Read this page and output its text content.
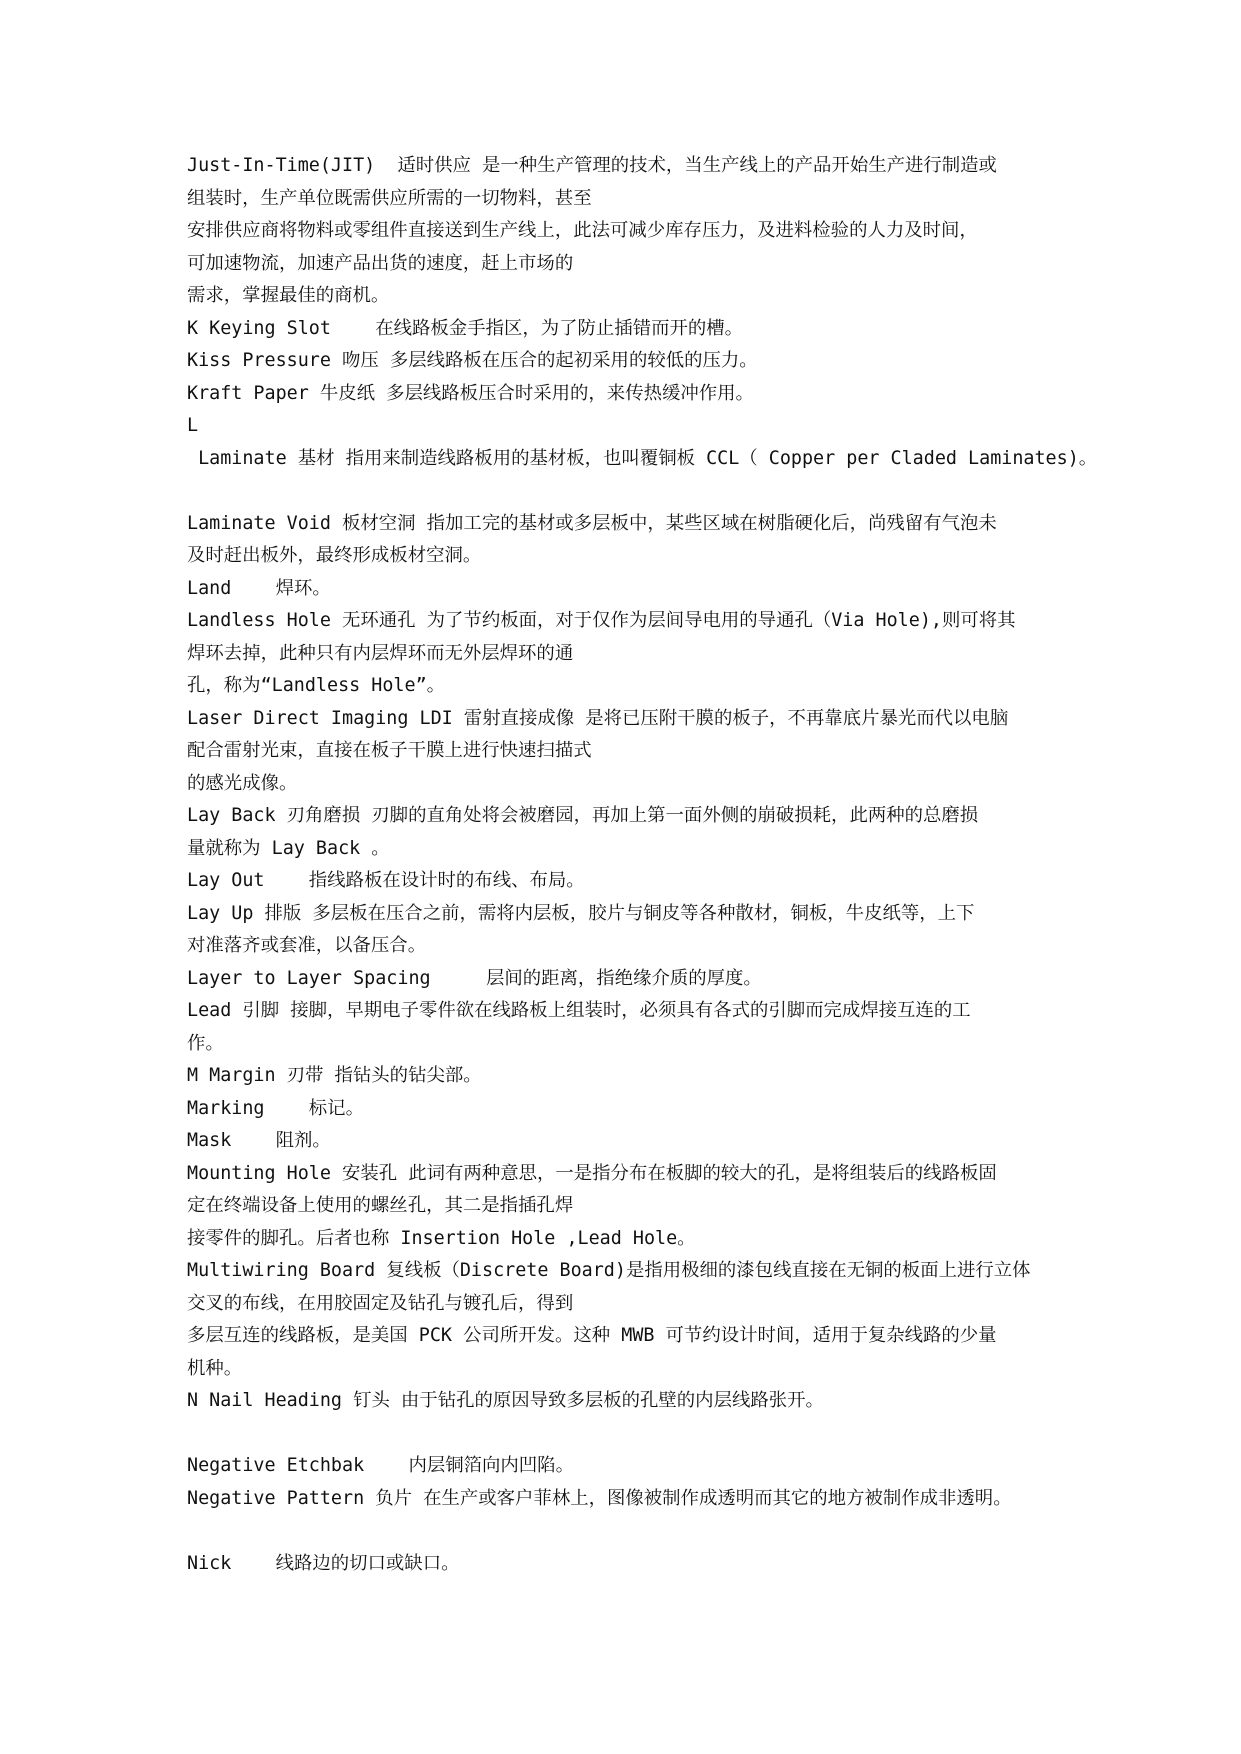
Just-In-Time(JIT)  适时供应 是一种生产管理的技术，当生产线上的产品开始生产进行制造或
组装时，生产单位既需供应所需的一切物料，甚至
安排供应商将物料或零组件直接送到生产线上，此法可减少库存压力，及进料检验的人力及时间，
可加速物流，加速产品出货的速度，赶上市场的
需求，掌握最佳的商机。
K Keying Slot    在线路板金手指区，为了防止插错而开的槽。
Kiss Pressure 吻压 多层线路板在压合的起初采用的较低的压力。
Kraft Paper 牛皮纸 多层线路板压合时采用的，来传热缓冲作用。
L
Laminate 基材 指用来制造线路板用的基材板，也叫覆铜板 CCL（ Copper per Claded Laminates)。
Laminate Void 板材空洞 指加工完的基材或多层板中，某些区域在树脂硬化后，尚残留有气泡未
及时赶出板外，最终形成板材空洞。
Land    焊环。
Landless Hole 无环通孔 为了节约板面，对于仅作为层间导电用的导通孔（Via Hole),则可将其
焊环去掉，此种只有内层焊环而无外层焊环的通
孔，称为“Landless Hole”。
Laser Direct Imaging LDI 雷射直接成像 是将已压附干膜的板子，不再靠底片暴光而代以电脑
配合雷射光束，直接在板子干膜上进行快速扫描式
的感光成像。
Lay Back 刃角磨损 刃脚的直角处将会被磨园，再加上第一面外侧的崩破损耗，此两种的总磨损
量就称为 Lay Back 。
Lay Out    指线路板在设计时的布线、布局。
Lay Up 排版 多层板在压合之前，需将内层板，胶片与铜皮等各种散材，铜板，牛皮纸等，上下
对准落齐或套准，以备压合。
Layer to Layer Spacing     层间的距离，指绝缘介质的厚度。
Lead 引脚 接脚，早期电子零件欲在线路板上组装时，必须具有各式的引脚而完成焊接互连的工
作。
M Margin 刃带 指钻头的钻尖部。
Marking    标记。
Mask    阻剂。
Mounting Hole 安装孔 此词有两种意思，一是指分布在板脚的较大的孔，是将组装后的线路板固
定在终端设备上使用的螺丝孔，其二是指插孔焊
接零件的脚孔。后者也称 Insertion Hole ,Lead Hole。
Multiwiring Board 复线板（Discrete Board)是指用极细的漆包线直接在无铜的板面上进行立体
交叉的布线，在用胶固定及钻孔与镀孔后，得到
多层互连的线路板，是美国 PCK 公司所开发。这种 MWB 可节约设计时间，适用于复杂线路的少量
机种。
N Nail Heading 钉头 由于钻孔的原因导致多层板的孔壁的内层线路张开。
Negative Etchbak    内层铜箔向内凹陷。
Negative Pattern 负片 在生产或客户菲林上，图像被制作成透明而其它的地方被制作成非透明。
Nick    线路边的切口或缺口。
